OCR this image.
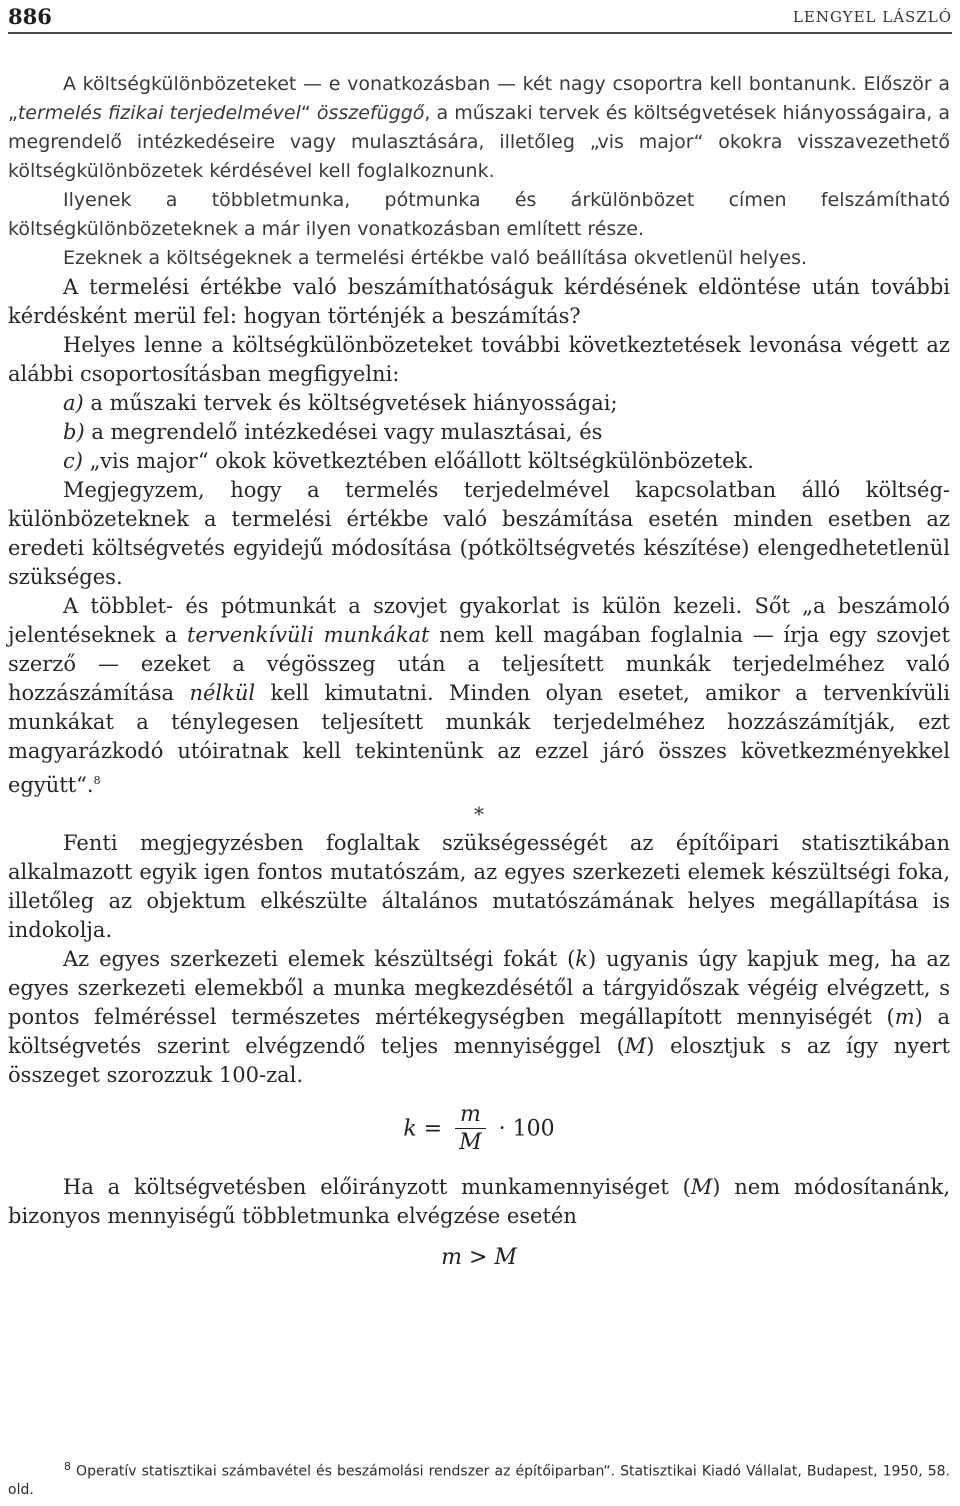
886	LENGYEL LÁSZLÓ

A költségkülönbözeteket — e vonatkozásban — két nagy csoportra kell bontanunk. Először a „termelés fizikai terjedelmével“ összefüggő, a műszaki tervek és költségvetések hiányosságaira, a megrendelő intézkedéseire vagy mulasztására, illetőleg „vis major“ okokra visszavezethető költségkülönbözetek kérdésével kell foglalkoznunk.

Ilyenek a többletmunka, pótmunka és árkülönbözet címen felszámítható költségkülönbözeteknek a már ilyen vonatkozásban említett része.

Ezeknek a költségeknek a termelési értékbe való beállítása okvetlenül helyes.

A termelési értékbe való beszámíthatóságuk kérdésének eldöntése után további kérdésként merül fel: hogyan történjék a beszámítás?

Helyes lenne a költségkülönbözeteket további következtetések levonása végett az alábbi csoportosításban megfigyelni:

a) a műszaki tervek és költségvetések hiányosságai;

b) a megrendelő intézkedései vagy mulasztásai, és

c) „vis major“ okok következtében előállott költségkülönbözetek.

Megjegyzem, hogy a termelés terjedelmével kapcsolatban álló költségkülönbözeteknek a termelési értékbe való beszámítása esetén minden esetben az eredeti költségvetés egyidejű módosítása (pótköltségvetés készítése) elengedhetetlenül szükséges.

A többlet- és pótmunkát a szovjet gyakorlat is külön kezeli. Sőt „a beszámoló jelentéseknek a tervenkívüli munkákat nem kell magában foglalnia — írja egy szovjet szerző — ezeket a végösszeg után a teljesített munkák terjedelméhez való hozzászámítása nélkül kell kimutatni. Minden olyan esetet, amikor a tervenkívüli munkákat a ténylegesen teljesített munkák terjedelméhez hozzászámítják, ezt magyarázkodó utóiratnak kell tekintenünk az ezzel járó összes következményekkel együtt“.$^8$

*

Fenti megjegyzésben foglaltak szükségességét az építőipari statisztikában alkalmazott egyik igen fontos mutatószám, az egyes szerkezeti elemek készültségi foka, illetőleg az objektum elkészülte általános mutatószámának helyes megállapítása is indokolja.

Az egyes szerkezeti elemek készültségi fokát (k) ugyanis úgy kapjuk meg, ha az egyes szerkezeti elemekből a munka megkezdésétől a tárgyidőszak végéig elvégzett, s pontos felméréssel természetes mértékegységben megállapított mennyiségét (m) a költségvetés szerint elvégzendő teljes mennyiséggel (M) elosztjuk s az így nyert összeget szorozzuk 100-zal.

$k = \frac{m}{M} \cdot 100$

Ha a költségvetésben előirányzott munkamennyiséget (M) nem módosítanánk, bizonyos mennyiségű többletmunka elvégzése esetén

m > M
$^8$ Operatív statisztikai számbavétel és beszámolási rendszer az építőiparban“. Statisztikai Kiadó Vállalat, Budapest, 1950, 58. old.
